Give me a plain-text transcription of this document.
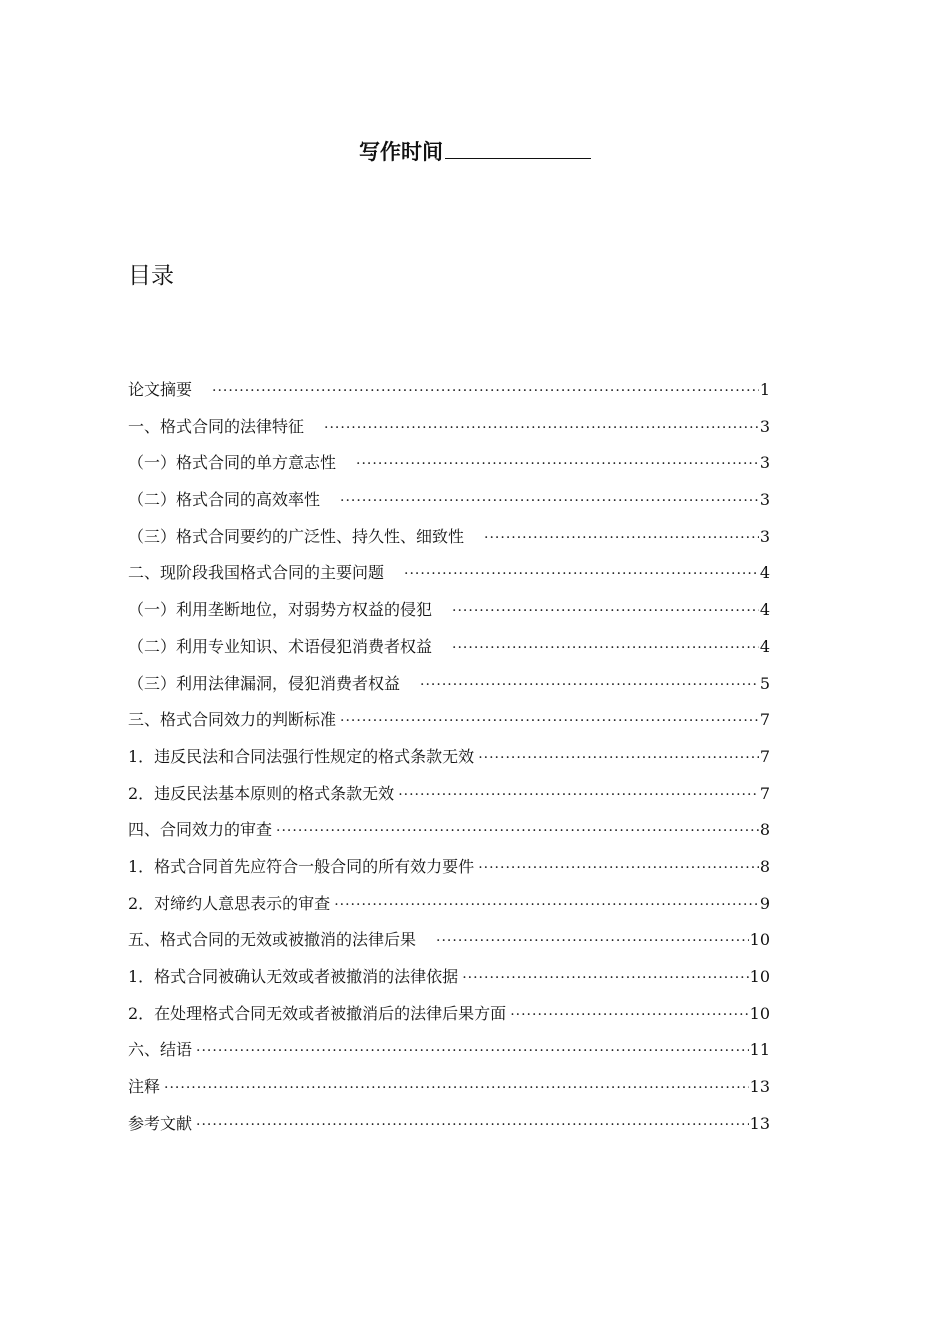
写作时间
目录
论文摘要 ·····	1
一、格式合同的法律特征 ·····	3
（一）格式合同的单方意志性 ·····	3
（二）格式合同的高效率性 ·····	3
（三）格式合同要约的广泛性、持久性、细致性 ·····	3
二、现阶段我国格式合同的主要问题 ·····	4
（一）利用垄断地位，对弱势方权益的侵犯 ·····	4
（二）利用专业知识、术语侵犯消费者权益 ·····	4
（三）利用法律漏洞，侵犯消费者权益 ·····	5
三、格式合同效力的判断标准 ·····	7
1．违反民法和合同法强行性规定的格式条款无效 ·····	7
2．违反民法基本原则的格式条款无效 ·····	7
四、合同效力的审查 ·····	8
1．格式合同首先应符合一般合同的所有效力要件 ·····	8
2．对缔约人意思表示的审查 ·····	9
五、格式合同的无效或被撤消的法律后果 ·····	10
1．格式合同被确认无效或者被撤消的法律依据 ·····	10
2．在处理格式合同无效或者被撤消后的法律后果方面 ·····	10
六、结语 ·····	11
注释 ·····	13
参考文献 ·····	13
